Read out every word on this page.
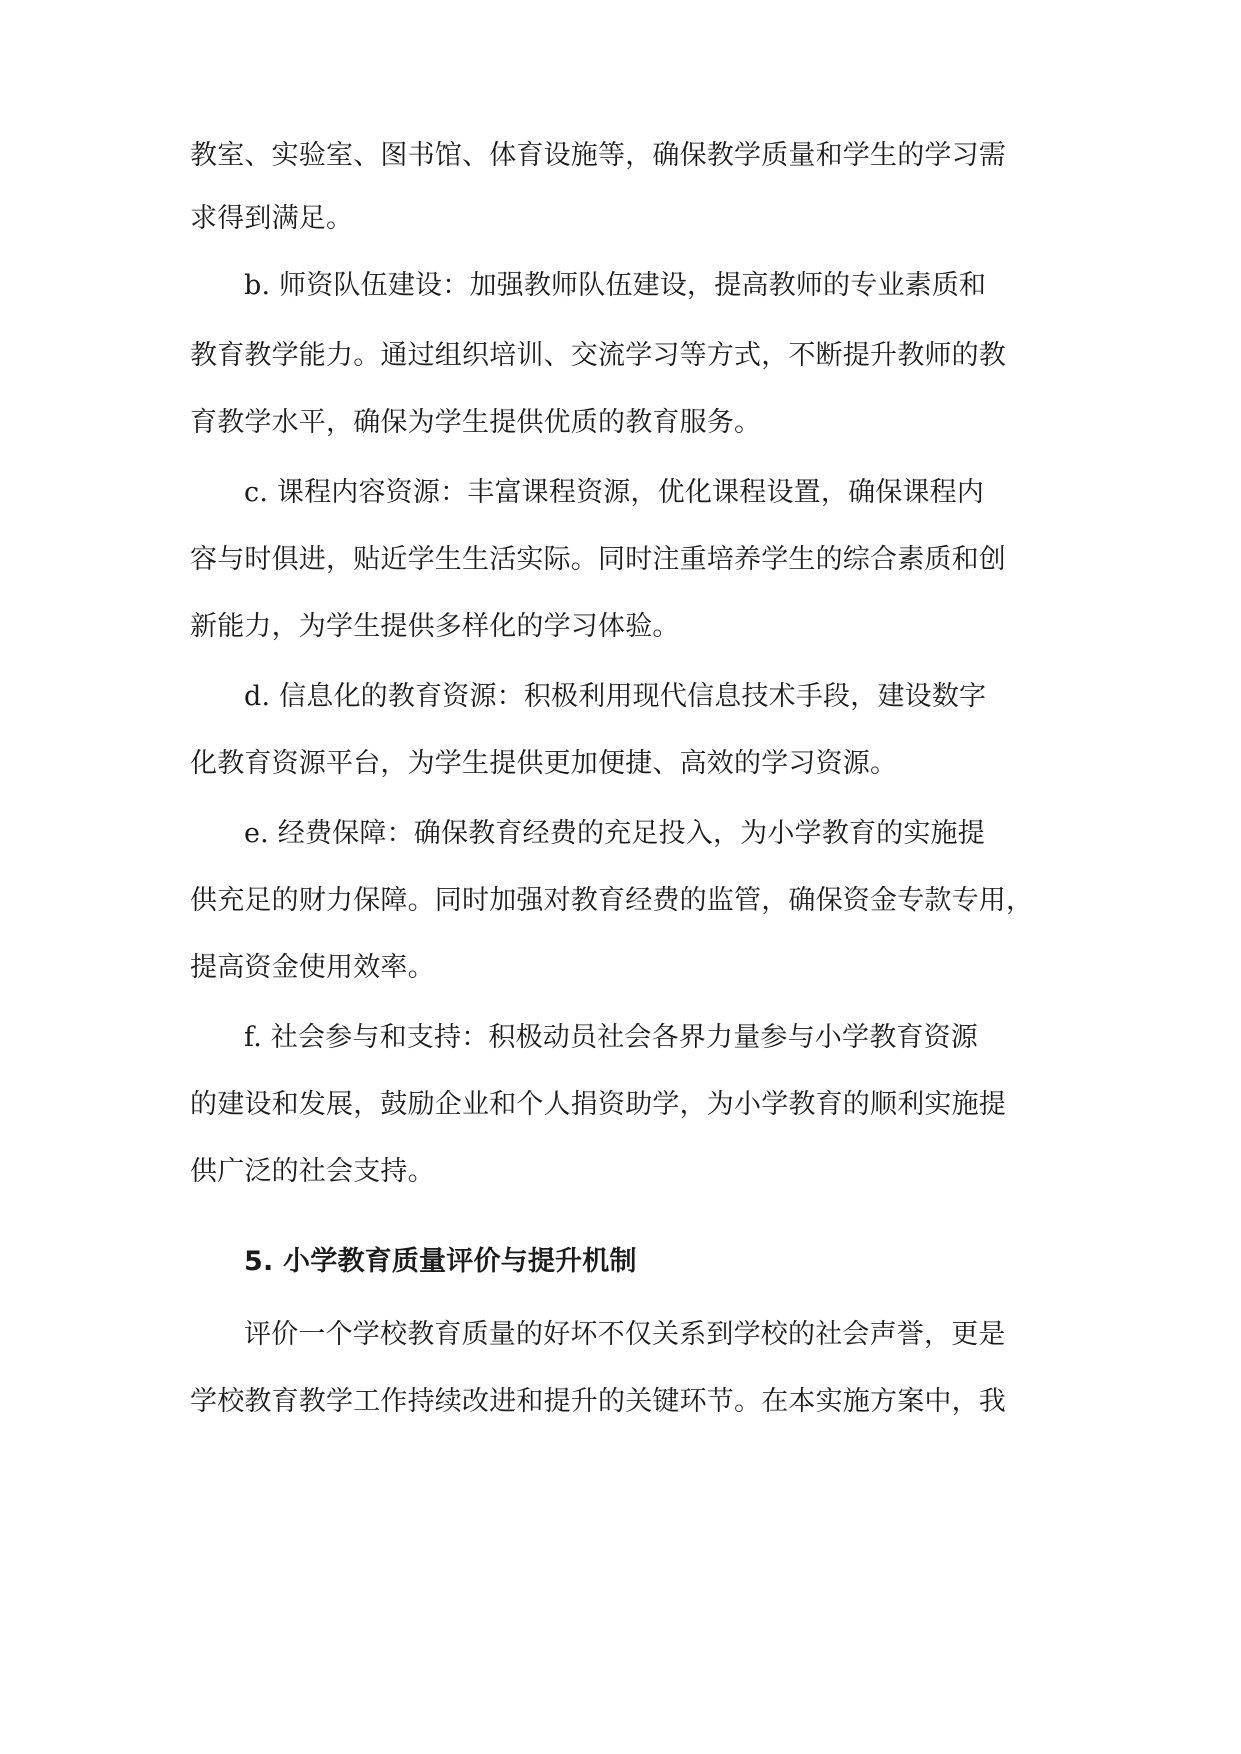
教室、实验室、图书馆、体育设施等，确保教学质量和学生的学习需
求得到满足。
b. 师资队伍建设：加强教师队伍建设，提高教师的专业素质和
教育教学能力。通过组织培训、交流学习等方式，不断提升教师的教
育教学水平，确保为学生提供优质的教育服务。
c. 课程内容资源：丰富课程资源，优化课程设置，确保课程内
容与时俱进，贴近学生生活实际。同时注重培养学生的综合素质和创
新能力，为学生提供多样化的学习体验。
d. 信息化的教育资源：积极利用现代信息技术手段，建设数字
化教育资源平台，为学生提供更加便捷、高效的学习资源。
e. 经费保障：确保教育经费的充足投入，为小学教育的实施提
供充足的财力保障。同时加强对教育经费的监管，确保资金专款专用，
提高资金使用效率。
f. 社会参与和支持：积极动员社会各界力量参与小学教育资源
的建设和发展，鼓励企业和个人捐资助学，为小学教育的顺利实施提
供广泛的社会支持。
5. 小学教育质量评价与提升机制
评价一个学校教育质量的好坏不仅关系到学校的社会声誉，更是
学校教育教学工作持续改进和提升的关键环节。在本实施方案中，我
